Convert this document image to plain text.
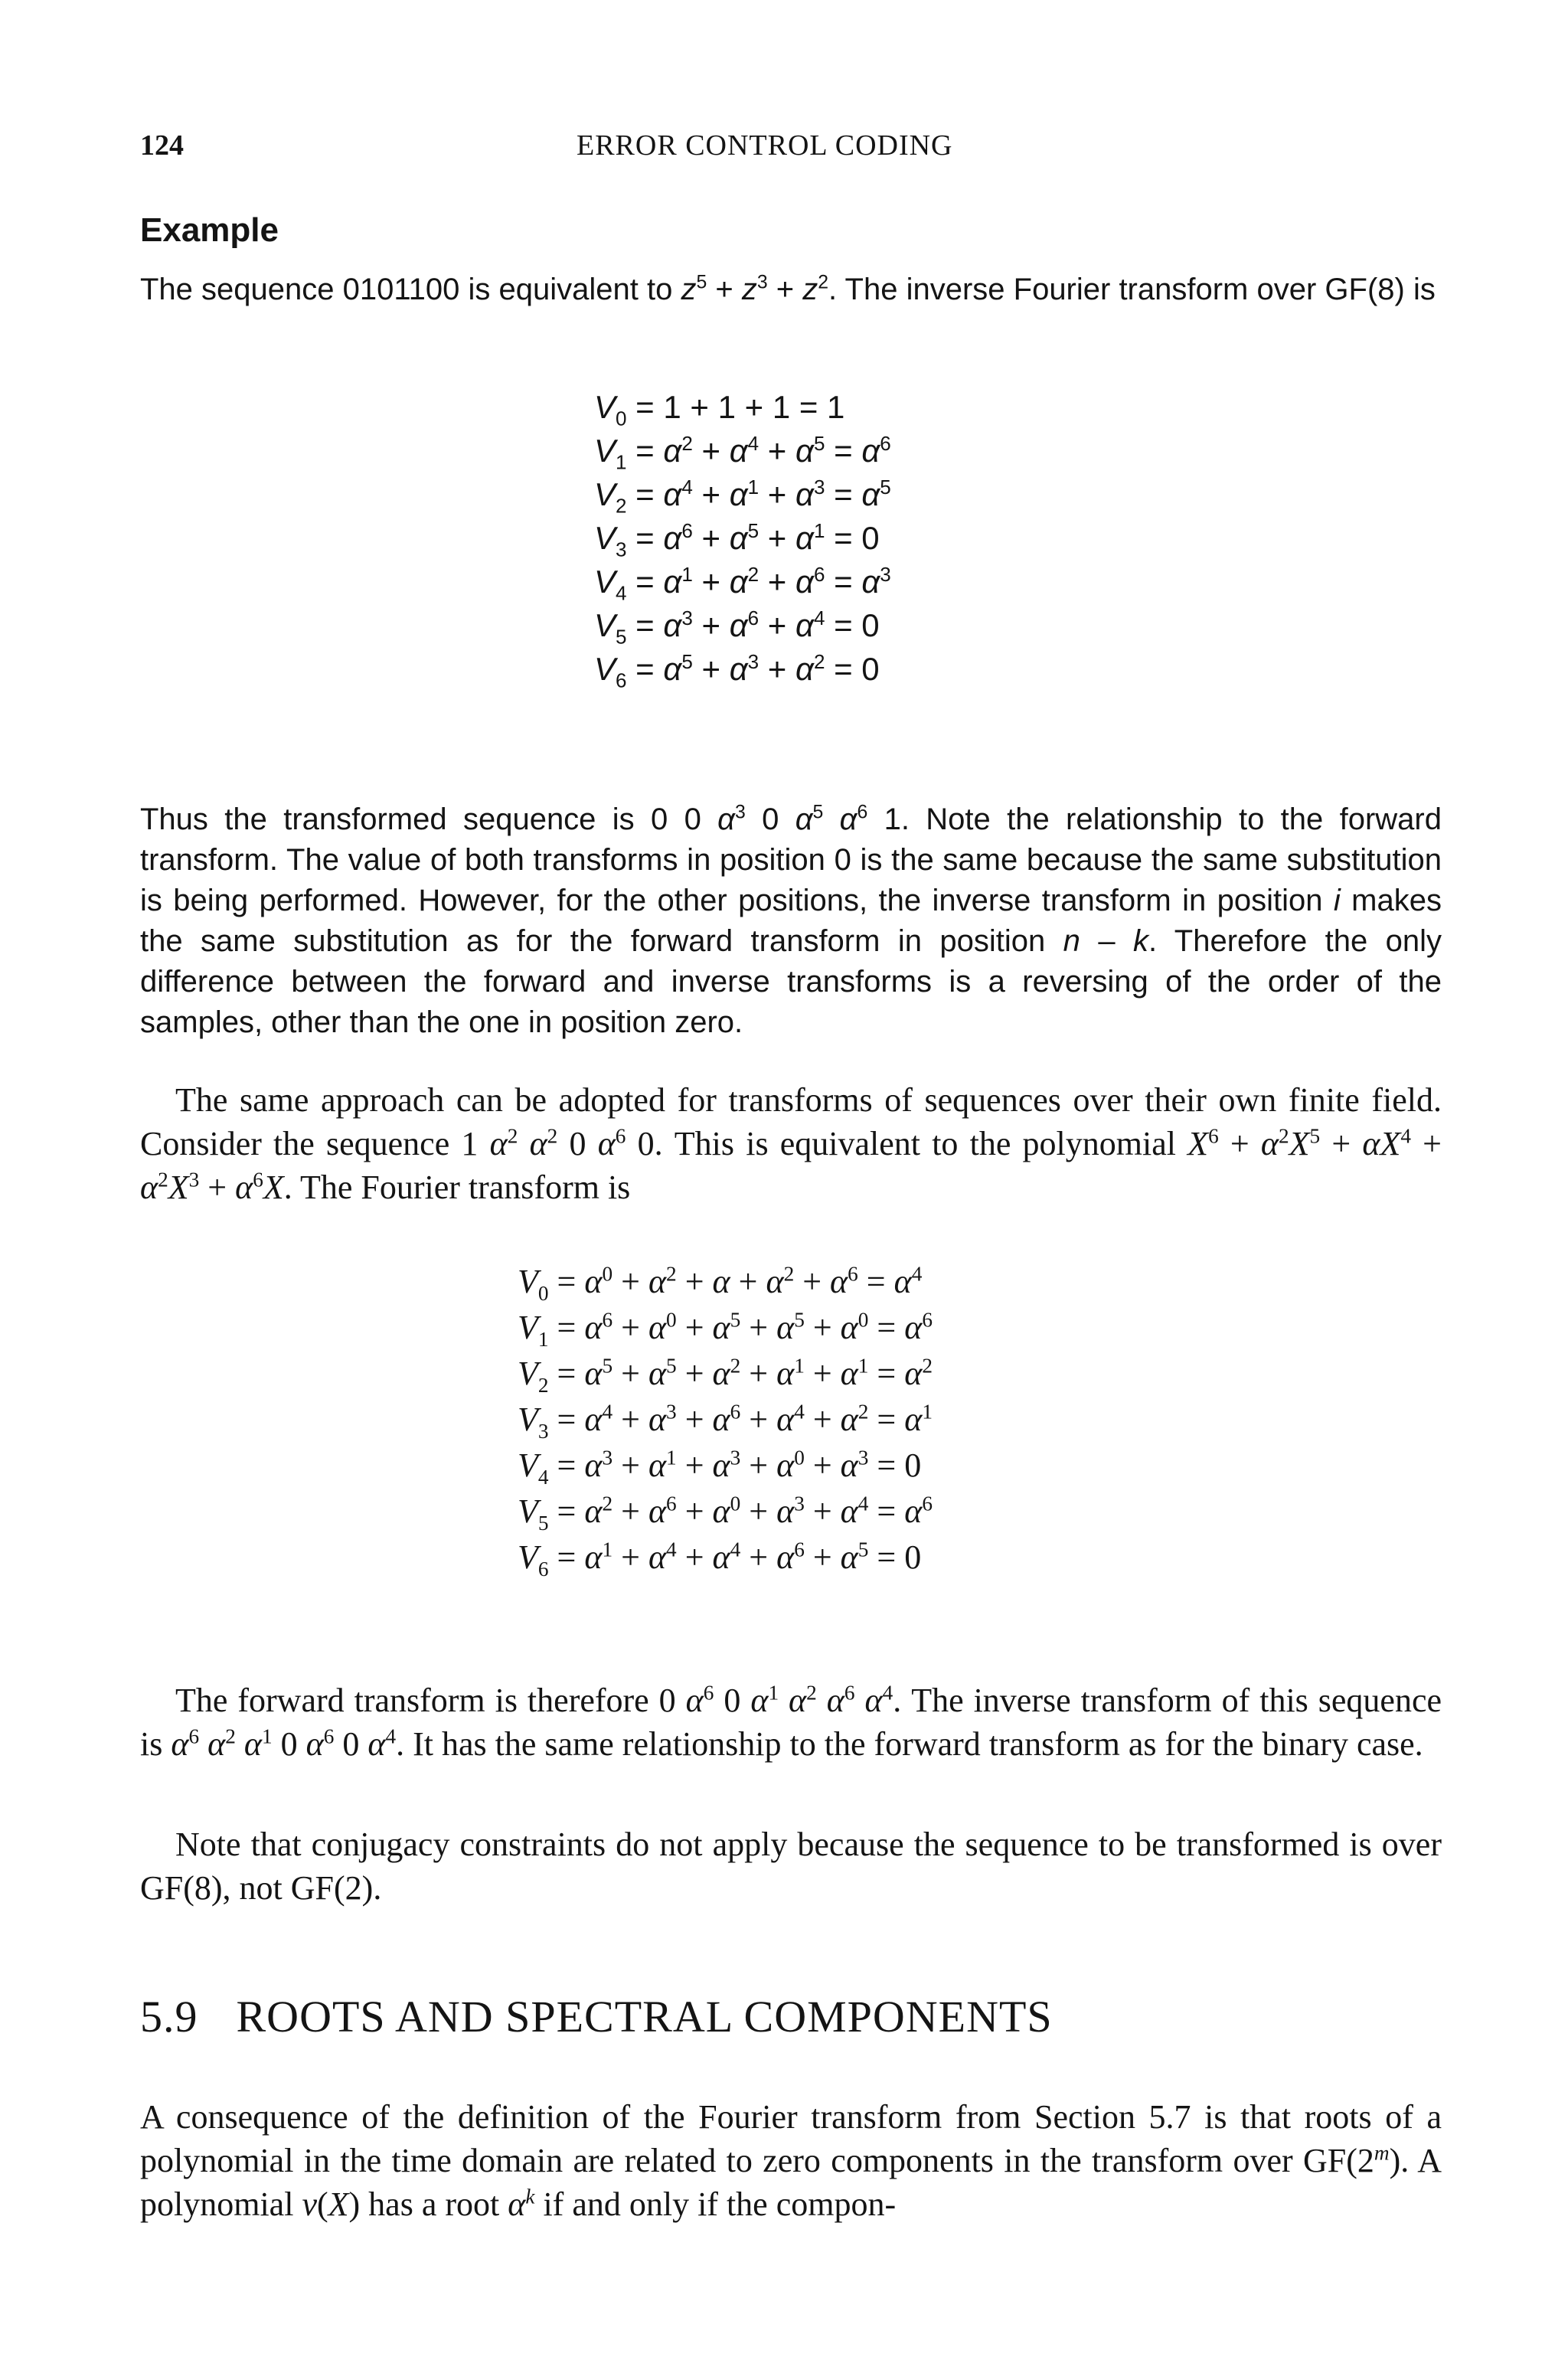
124	ERROR CONTROL CODING
Example

The sequence 0101100 is equivalent to $z^5 + z^3 + z^2$. The inverse Fourier transform over GF(8) is

$V_0 = 1 + 1 + 1 = 1$
$V_1 = \alpha^2 + \alpha^4 + \alpha^5 = \alpha^6$
$V_2 = \alpha^4 + \alpha^1 + \alpha^3 = \alpha^5$
$V_3 = \alpha^6 + \alpha^5 + \alpha^1 = 0$
$V_4 = \alpha^1 + \alpha^2 + \alpha^6 = \alpha^3$
$V_5 = \alpha^3 + \alpha^6 + \alpha^4 = 0$
$V_6 = \alpha^5 + \alpha^3 + \alpha^2 = 0$

Thus the transformed sequence is 0 0 $\alpha^3$ 0 $\alpha^5$ $\alpha^6$ 1. Note the relationship to the forward transform. The value of both transforms in position 0 is the same because the same substitution is being performed. However, for the other positions, the inverse transform in position i makes the same substitution as for the forward transform in position n – k. Therefore the only difference between the forward and inverse transforms is a reversing of the order of the samples, other than the one in position zero.

The same approach can be adopted for transforms of sequences over their own finite field. Consider the sequence 1 $\alpha^2$ $\alpha^2$ 0 $\alpha^6$ 0. This is equivalent to the polynomial $X^6 + \alpha^2X^5 + \alpha X^4 + \alpha^2X^3 + \alpha^6X$. The Fourier transform is

$V_0 = \alpha^0 + \alpha^2 + \alpha + \alpha^2 + \alpha^6 = \alpha^4$
$V_1 = \alpha^6 + \alpha^0 + \alpha^5 + \alpha^5 + \alpha^0 = \alpha^6$
$V_2 = \alpha^5 + \alpha^5 + \alpha^2 + \alpha^1 + \alpha^1 = \alpha^2$
$V_3 = \alpha^4 + \alpha^3 + \alpha^6 + \alpha^4 + \alpha^2 = \alpha^1$
$V_4 = \alpha^3 + \alpha^1 + \alpha^3 + \alpha^0 + \alpha^3 = 0$
$V_5 = \alpha^2 + \alpha^6 + \alpha^0 + \alpha^3 + \alpha^4 = \alpha^6$
$V_6 = \alpha^1 + \alpha^4 + \alpha^4 + \alpha^6 + \alpha^5 = 0$

The forward transform is therefore 0 $\alpha^6$ 0 $\alpha^1$ $\alpha^2$ $\alpha^6$ $\alpha^4$. The inverse transform of this sequence is $\alpha^6$ $\alpha^2$ $\alpha^1$ 0 $\alpha^6$ 0 $\alpha^4$. It has the same relationship to the forward transform as for the binary case.

Note that conjugacy constraints do not apply because the sequence to be transformed is over GF(8), not GF(2).

5.9 ROOTS AND SPECTRAL COMPONENTS

A consequence of the definition of the Fourier transform from Section 5.7 is that roots of a polynomial in the time domain are related to zero components in the transform over GF(2$^m$). A polynomial v(X) has a root $\alpha^k$ if and only if the compon-
